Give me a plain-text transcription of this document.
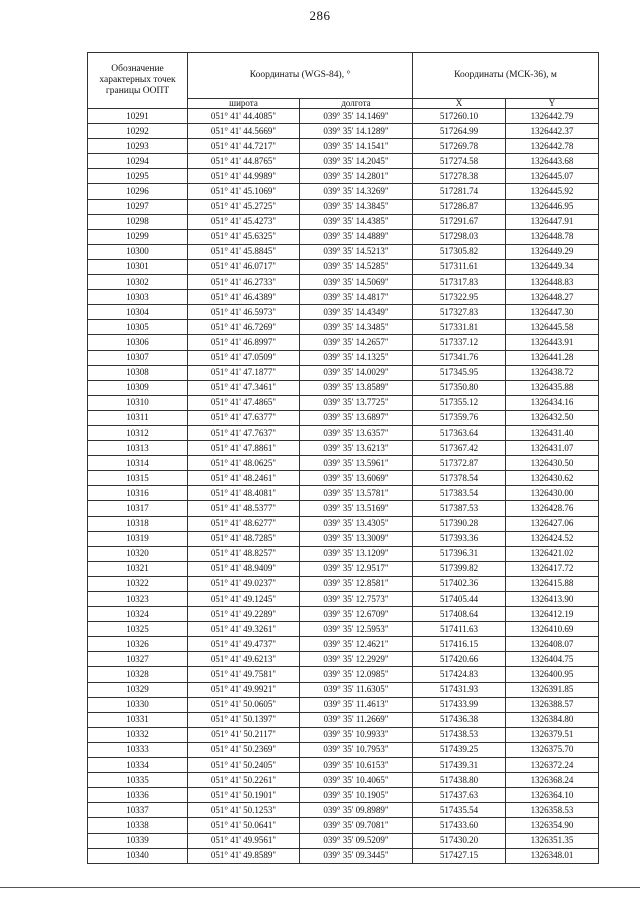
286
Обозначение характерных точек границы ООПТ	Координаты (WGS-84), °		Координаты (МСК-36), м	
	широта	долгота	X	Y
10291	051° 41' 44.4085"	039° 35' 14.1469"	517260.10	1326442.79
10292	051° 41' 44.5669"	039° 35' 14.1289"	517264.99	1326442.37
10293	051° 41' 44.7217"	039° 35' 14.1541"	517269.78	1326442.78
10294	051° 41' 44.8765"	039° 35' 14.2045"	517274.58	1326443.68
10295	051° 41' 44.9989"	039° 35' 14.2801"	517278.38	1326445.07
10296	051° 41' 45.1069"	039° 35' 14.3269"	517281.74	1326445.92
10297	051° 41' 45.2725"	039° 35' 14.3845"	517286.87	1326446.95
10298	051° 41' 45.4273"	039° 35' 14.4385"	517291.67	1326447.91
10299	051° 41' 45.6325"	039° 35' 14.4889"	517298.03	1326448.78
10300	051° 41' 45.8845"	039° 35' 14.5213"	517305.82	1326449.29
10301	051° 41' 46.0717"	039° 35' 14.5285"	517311.61	1326449.34
10302	051° 41' 46.2733"	039° 35' 14.5069"	517317.83	1326448.83
10303	051° 41' 46.4389"	039° 35' 14.4817"	517322.95	1326448.27
10304	051° 41' 46.5973"	039° 35' 14.4349"	517327.83	1326447.30
10305	051° 41' 46.7269"	039° 35' 14.3485"	517331.81	1326445.58
10306	051° 41' 46.8997"	039° 35' 14.2657"	517337.12	1326443.91
10307	051° 41' 47.0509"	039° 35' 14.1325"	517341.76	1326441.28
10308	051° 41' 47.1877"	039° 35' 14.0029"	517345.95	1326438.72
10309	051° 41' 47.3461"	039° 35' 13.8589"	517350.80	1326435.88
10310	051° 41' 47.4865"	039° 35' 13.7725"	517355.12	1326434.16
10311	051° 41' 47.6377"	039° 35' 13.6897"	517359.76	1326432.50
10312	051° 41' 47.7637"	039° 35' 13.6357"	517363.64	1326431.40
10313	051° 41' 47.8861"	039° 35' 13.6213"	517367.42	1326431.07
10314	051° 41' 48.0625"	039° 35' 13.5961"	517372.87	1326430.50
10315	051° 41' 48.2461"	039° 35' 13.6069"	517378.54	1326430.62
10316	051° 41' 48.4081"	039° 35' 13.5781"	517383.54	1326430.00
10317	051° 41' 48.5377"	039° 35' 13.5169"	517387.53	1326428.76
10318	051° 41' 48.6277"	039° 35' 13.4305"	517390.28	1326427.06
10319	051° 41' 48.7285"	039° 35' 13.3009"	517393.36	1326424.52
10320	051° 41' 48.8257"	039° 35' 13.1209"	517396.31	1326421.02
10321	051° 41' 48.9409"	039° 35' 12.9517"	517399.82	1326417.72
10322	051° 41' 49.0237"	039° 35' 12.8581"	517402.36	1326415.88
10323	051° 41' 49.1245"	039° 35' 12.7573"	517405.44	1326413.90
10324	051° 41' 49.2289"	039° 35' 12.6709"	517408.64	1326412.19
10325	051° 41' 49.3261"	039° 35' 12.5953"	517411.63	1326410.69
10326	051° 41' 49.4737"	039° 35' 12.4621"	517416.15	1326408.07
10327	051° 41' 49.6213"	039° 35' 12.2929"	517420.66	1326404.75
10328	051° 41' 49.7581"	039° 35' 12.0985"	517424.83	1326400.95
10329	051° 41' 49.9921"	039° 35' 11.6305"	517431.93	1326391.85
10330	051° 41' 50.0605"	039° 35' 11.4613"	517433.99	1326388.57
10331	051° 41' 50.1397"	039° 35' 11.2669"	517436.38	1326384.80
10332	051° 41' 50.2117"	039° 35' 10.9933"	517438.53	1326379.51
10333	051° 41' 50.2369"	039° 35' 10.7953"	517439.25	1326375.70
10334	051° 41' 50.2405"	039° 35' 10.6153"	517439.31	1326372.24
10335	051° 41' 50.2261"	039° 35' 10.4065"	517438.80	1326368.24
10336	051° 41' 50.1901"	039° 35' 10.1905"	517437.63	1326364.10
10337	051° 41' 50.1253"	039° 35' 09.8989"	517435.54	1326358.53
10338	051° 41' 50.0641"	039° 35' 09.7081"	517433.60	1326354.90
10339	051° 41' 49.9561"	039° 35' 09.5209"	517430.20	1326351.35
10340	051° 41' 49.8589"	039° 35' 09.3445"	517427.15	1326348.01
